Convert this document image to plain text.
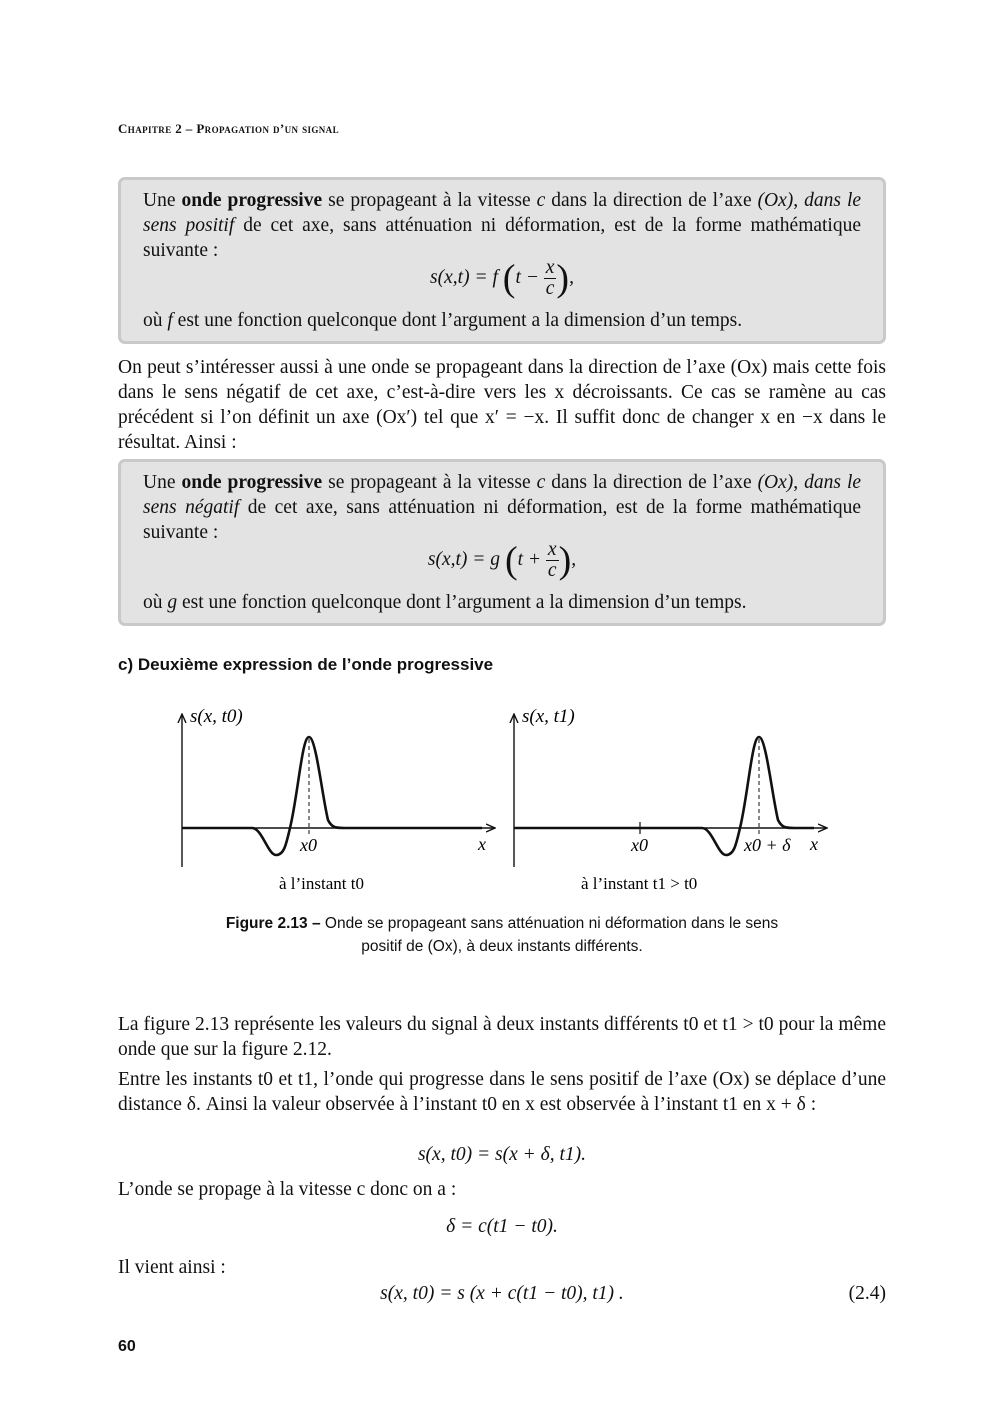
Chapitre 2 – Propagation d’un signal

Une onde progressive se propageant à la vitesse c dans la direction de l’axe (Ox), dans le sens positif de cet axe, sans atténuation ni déformation, est de la forme mathématique suivante :

s(x,t) = f ($t - \frac{x}{c}$ ),

où f est une fonction quelconque dont l’argument a la dimension d’un temps.

On peut s’intéresser aussi à une onde se propageant dans la direction de l’axe (Ox) mais cette fois dans le sens négatif de cet axe, c’est-à-dire vers les x décroissants. Ce cas se ramène au cas précédent si l’on définit un axe (Ox′) tel que x′ = −x. Il suffit donc de changer x en −x dans le résultat. Ainsi :

Une onde progressive se propageant à la vitesse c dans la direction de l’axe (Ox), dans le sens négatif de cet axe, sans atténuation ni déformation, est de la forme mathématique suivante :

s(x,t) = g ($t + \frac{x}{c}$ ),

où g est une fonction quelconque dont l’argument a la dimension d’un temps.

c) Deuxième expression de l’onde progressive
s(x, t0)
x0	x
à l’instant t0
s(x, t1)
x0	x0 + δ x
à l’instant t1 > t0
Figure 2.13 – Onde se propageant sans atténuation ni déformation dans le sens
positif de (Ox), à deux instants différents.

La figure 2.13 représente les valeurs du signal à deux instants différents t0 et t1 > t0 pour la même onde que sur la figure 2.12.

Entre les instants t0 et t1, l’onde qui progresse dans le sens positif de l’axe (Ox) se déplace d’une distance δ. Ainsi la valeur observée à l’instant t0 en x est observée à l’instant t1 en x + δ :

s(x, t0) = s(x + δ, t1).

L’onde se propage à la vitesse c donc on a :

δ = c(t1 − t0).

Il vient ainsi :

s(x, t0) = s (x + c(t1 − t0), t1) .	(2.4)
60
